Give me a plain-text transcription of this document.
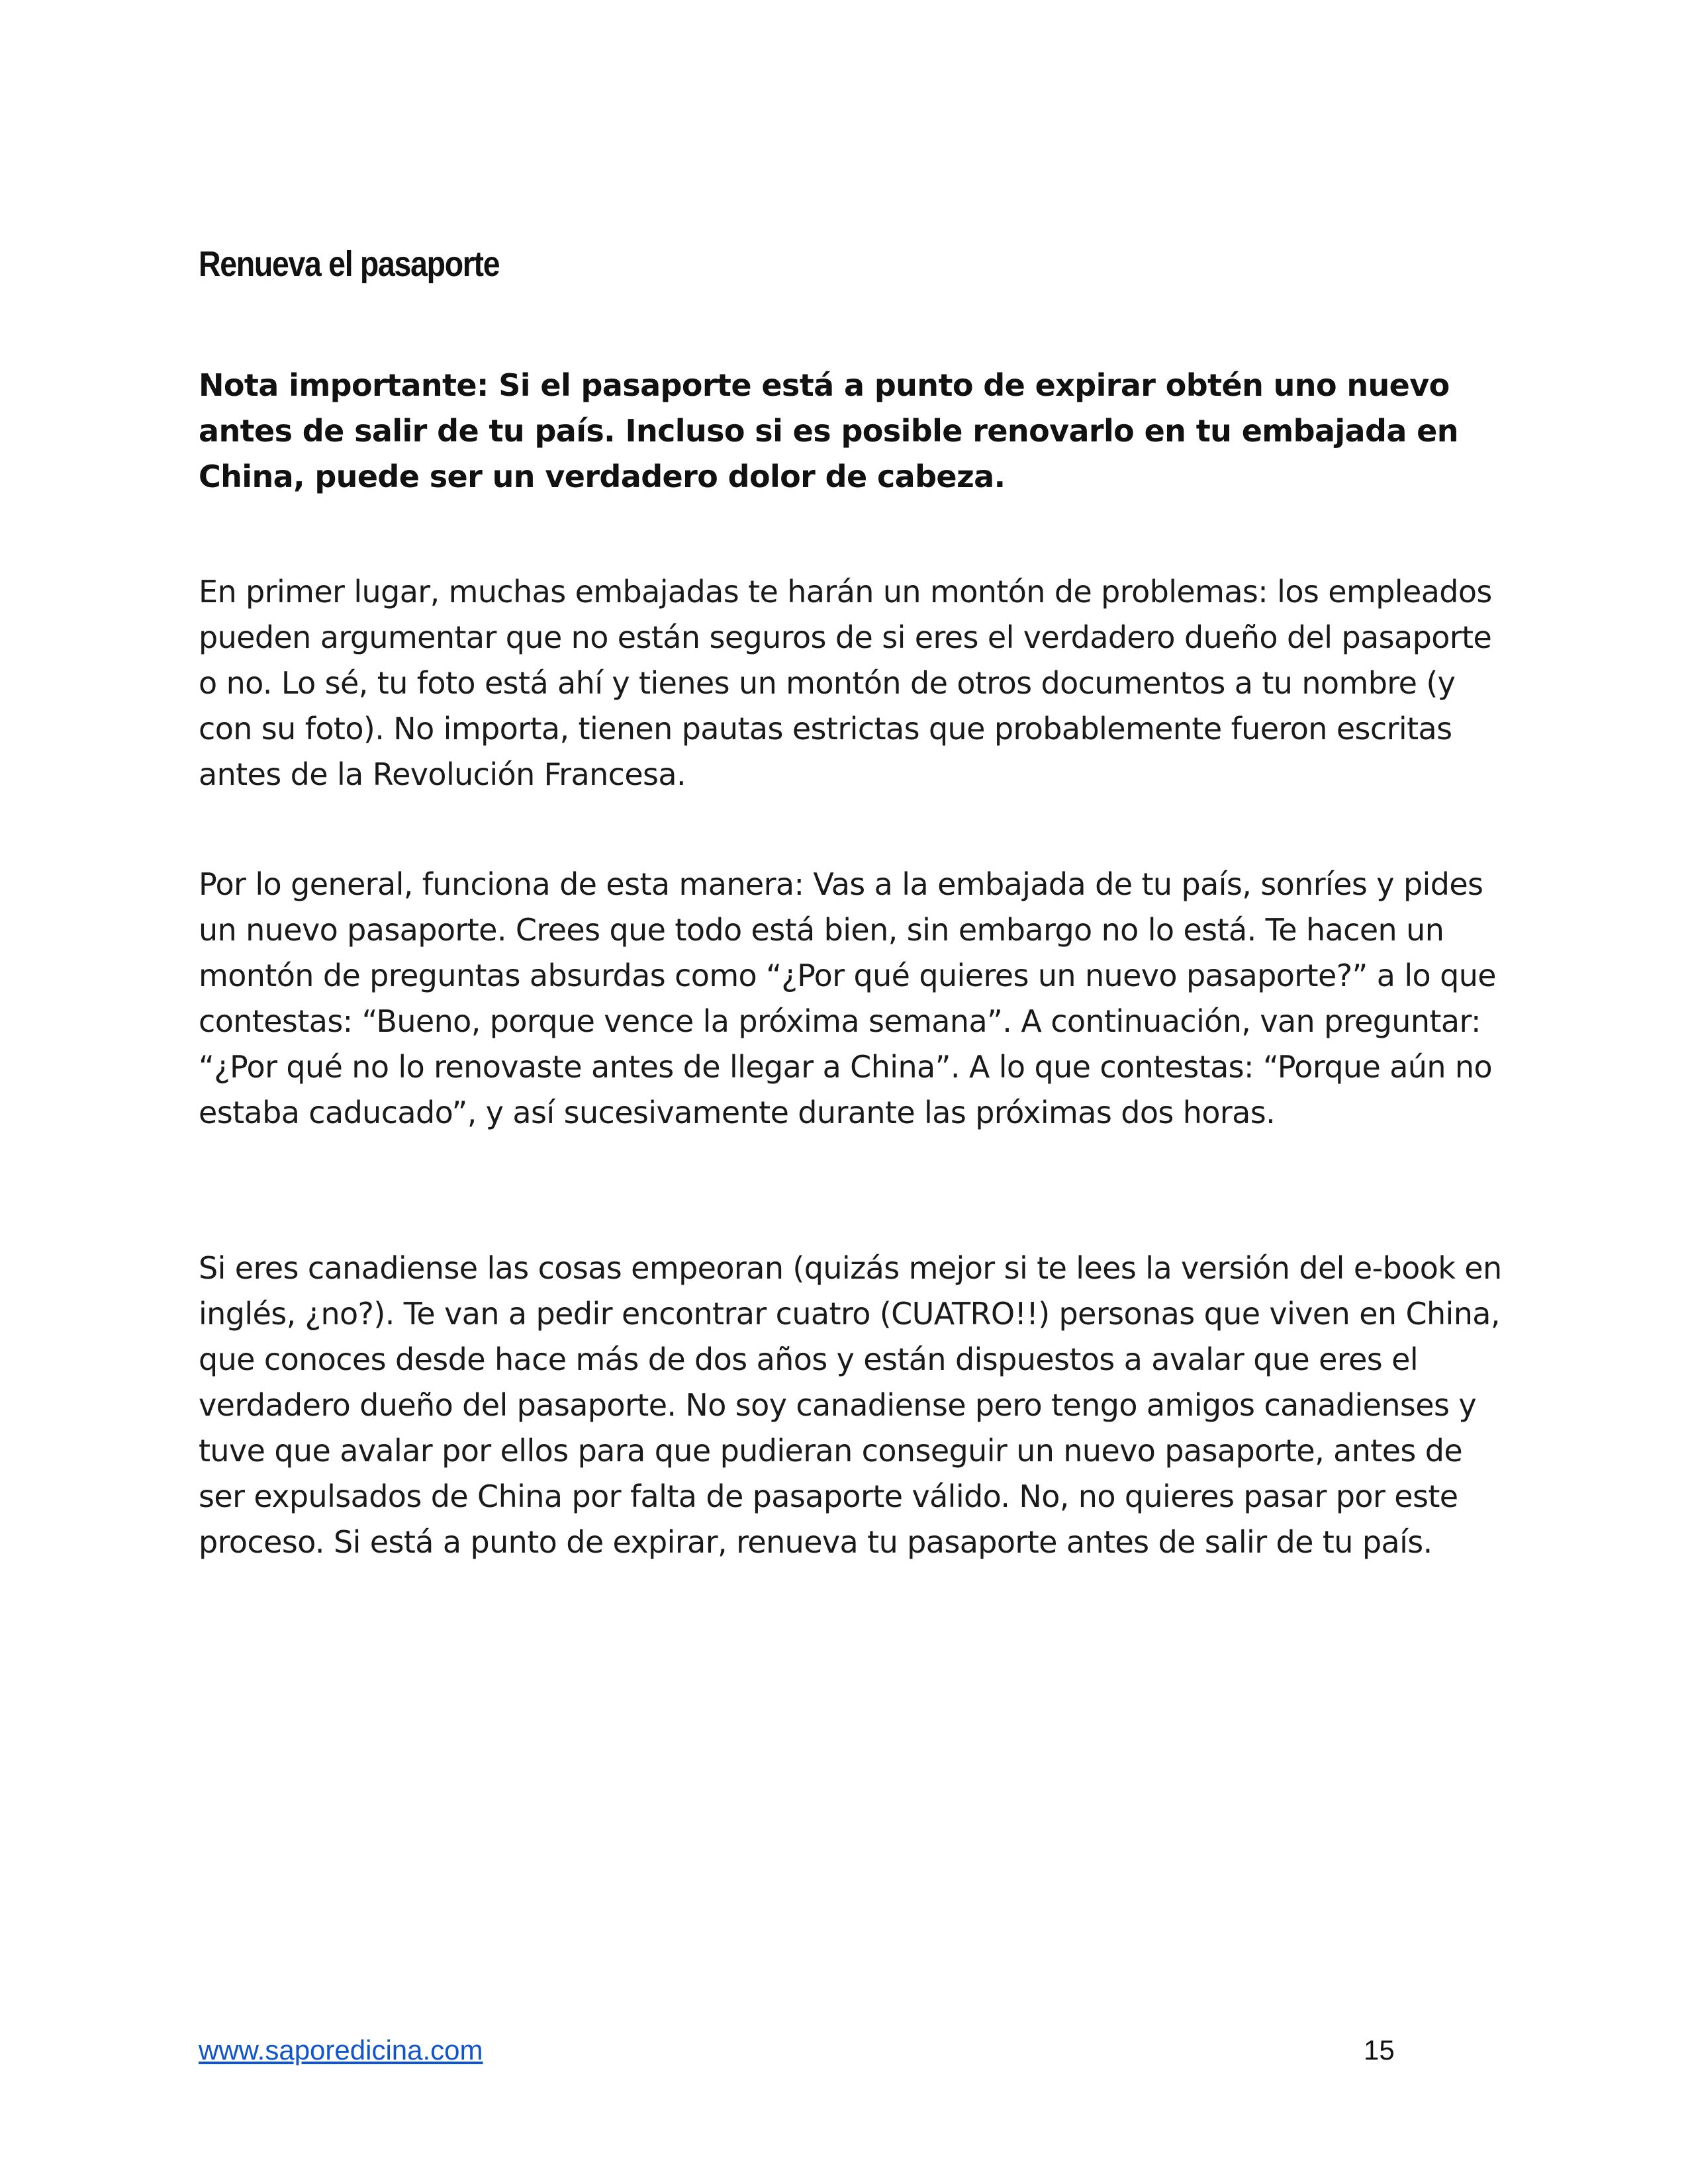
Renueva el pasaporte

Nota importante: Si el pasaporte está a punto de expirar obtén uno nuevo antes de salir de tu país. Incluso si es posible renovarlo en tu embajada en China, puede ser un verdadero dolor de cabeza.

En primer lugar, muchas embajadas te harán un montón de problemas: los empleados pueden argumentar que no están seguros de si eres el verdadero dueño del pasaporte o no. Lo sé, tu foto está ahí y tienes un montón de otros documentos a tu nombre (y con su foto). No importa, tienen pautas estrictas que probablemente fueron escritas antes de la Revolución Francesa.

Por lo general, funciona de esta manera: Vas a la embajada de tu país, sonríes y pides un nuevo pasaporte. Crees que todo está bien, sin embargo no lo está. Te hacen un montón de preguntas absurdas como “¿Por qué quieres un nuevo pasaporte?” a lo que contestas: “Bueno, porque vence la próxima semana”. A continuación, van preguntar: “¿Por qué no lo renovaste antes de llegar a China”. A lo que contestas: “Porque aún no estaba caducado”, y así sucesivamente durante las próximas dos horas.

Si eres canadiense las cosas empeoran (quizás mejor si te lees la versión del e-book en inglés, ¿no?). Te van a pedir encontrar cuatro (CUATRO!!) personas que viven en China, que conoces desde hace más de dos años y están dispuestos a avalar que eres el verdadero dueño del pasaporte. No soy canadiense pero tengo amigos canadienses y tuve que avalar por ellos para que pudieran conseguir un nuevo pasaporte, antes de ser expulsados de China por falta de pasaporte válido. No, no quieres pasar por este proceso. Si está a punto de expirar, renueva tu pasaporte antes de salir de tu país.

www.saporedicina.com	15
